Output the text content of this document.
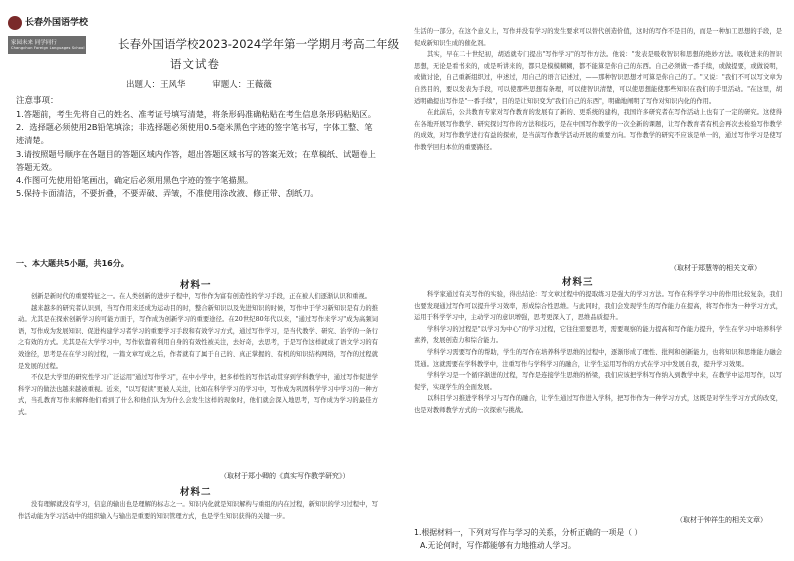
长春外国语学校
家园未来 同学同行
Changchun Foreign Languages School	长春外国语学校2023-2024学年第一学期月考高二年级
语文试卷
出题人：王风华	审题人：王薇薇
注意事项：
1.答题前，考生先将自己的姓名、准考证号填写清楚，将条形码准确粘贴在考生信息条形码粘贴区。
2．选择题必须使用2B铅笔填涂；非选择题必须使用0.5毫米黑色字迹的签字笔书写，字体工整、笔迹清楚。
3.请按照题号顺序在各题目的答题区域内作答，超出答题区域书写的答案无效；在草稿纸、试题卷上答题无效。
4.作图可先使用铅笔画出，确定后必须用黑色字迹的签字笔描黑。
5.保持卡面清洁，不要折叠，不要弄破、弄皱，不准使用涂改液、修正带、刮纸刀。
一、本大题共5小题，共16分。
材料一
创新是新时代的重要特征之一。在人类创新的进步子程中，写作作为富有创造性的学习手段，正在被人们逐渐认识和重视。
越来越多的研究者认识到，当写作用来还成为运动目的时，整合新知识以及先进知识的时候，写作中于学习新知识是有力的推动。尤其是在探索创新学习的可能方面于，写作成为创新学习的重要途径。在20世纪80年代以来，"通过写作来学习"成为高频词语，写作成为发展知识、促进构建学习者学习的重要学习手段和有效学习方式，通过写作学习，是当代教学、研究、治学的一条行之有效的方式。尤其是在大学学习中，写作依靠着利用自身的有效性被关注，去好奇，去思考，于是写作这样就成了语文学习的有效途径，思考是在在学习的过程，一篇文章写成之后，作者就有了属于自己的、真正掌握的、有机的知识结构网络，写作的过程就是发展的过程。
不仅是大学里的研究性学习广泛运用"通过写作学习"，在中小学中，把多样性的写作活动贯穿到学科教学中，通过写作促进学科学习的做法也越来越被重视。近来，"以写促读"更被人关注，比如在科学学习的学习中，写作成为巩固科学学习中学习的一种方式，当孔教育写作来解释他们看到了什么和他们认为为什么会发生这样的现象时，他们就会深入地思考，写作成为学习的最佳方式。
（取材于郑小卿的《真实写作教学研究》）
材料二
没有理解就没有学习，信息的输出也是理解的标志之一。知识内化就是知识解构与重组的内在过程，新知识的学习过程中，写作活动能为学习活动中的组织输入与输出是重要的知识管理方式，也是学生知识获得的关键一步。
生活的一部分，在这个意义上，写作并没有学习的发生要求可以替代创造价值，这时的写作不是目的，而是一种加工思想的手段，是促成新知识生成的催化剂。
其实，早在二十世纪初，胡适就专门提出"写作学习"的写作方法。他说："发表是吸收智识和思想的绝妙方法。吸收进来的智识思想，无论是看书来的，或是听讲来的，都只是模模糊糊，都不能算是你自己的东西。自己必须做一番手续，或做提要，或做说明，或做讨论，自己重新组织过，申述过，用自己的语言记述过，——那种智识思想才可算是你自己的了。"又说："我们不可以写文章为自然目的，要以发表为手段，可以使那些思想有条理，可以使智识清楚，可以使思想能使那些知识在我们的手里活动。"在这里，胡适明确提出写作是"一番手续"，目的是让知识变为"我们自己的东西"，明确地阐明了写作对知识内化的作用。
在此前后，公共教育专家对写作教育的发展有了新的、更系统的建构，我国许多研究者在写作活动上也有了一定的研究。这使得在各地开展写作教学、研究探讨写作的方法和技巧，是在中国写作教学的一次全新的课题，让写作教育者有机会再次去检验写作教学的成效，对写作教学进行有益的探索，是当前写作教学活动开展的重要方向。写作教学的研究不应该是单一的，通过写作学习是使写作教学回归本位的重要路径。
（取材于郑慧等的相关文章）
材料三
科学家通过有关写作的实验，得出结论：写文章过程中的提取练习是强大的学习方法。写作在科学学习中的作用比较复杂，我们也要发现通过写作可以提升学习效率，形成综合性思维。与此同时，我们会发现学生的写作能力在提高，将写作作为一种学习方式，运用于科学学习中，主动学习的意识增强，思考更深入了，思维品质提升。
学科学习的过程是"以学习为中心"的学习过程，它往往需要思考，需要观察的能力提高和写作能力提升，学生在学习中培养科学素养，发展创造力和综合能力。
学科学习需要写作的帮助，学生的写作在培养科学思维的过程中，逐渐形成了理性、批判和创新能力，也将知识和思维能力融会贯通。这就需要在学科教学中，注重写作与学科学习的融合，让学生运用写作的方式在学习中发展自我，提升学习效果。
学科学习是一个循序渐进的过程，写作是连接学生思维的桥梁，我们应该把学科写作纳入到教学中来，在教学中运用写作，以写促学，实现学生的全面发展。
以科目学习推进学科学习与写作的融合，让学生通过写作进入学科，把写作作为一种学习方式，这既是对学生学习方式的改变，也是对教师教学方式的一次探索与挑战。
（取材于钟祥生的相关文章）
1.根据材料一，下列对写作与学习的关系，分析正确的一项是（ ）
A.无论何时，写作都能够有力地推动人学习。
